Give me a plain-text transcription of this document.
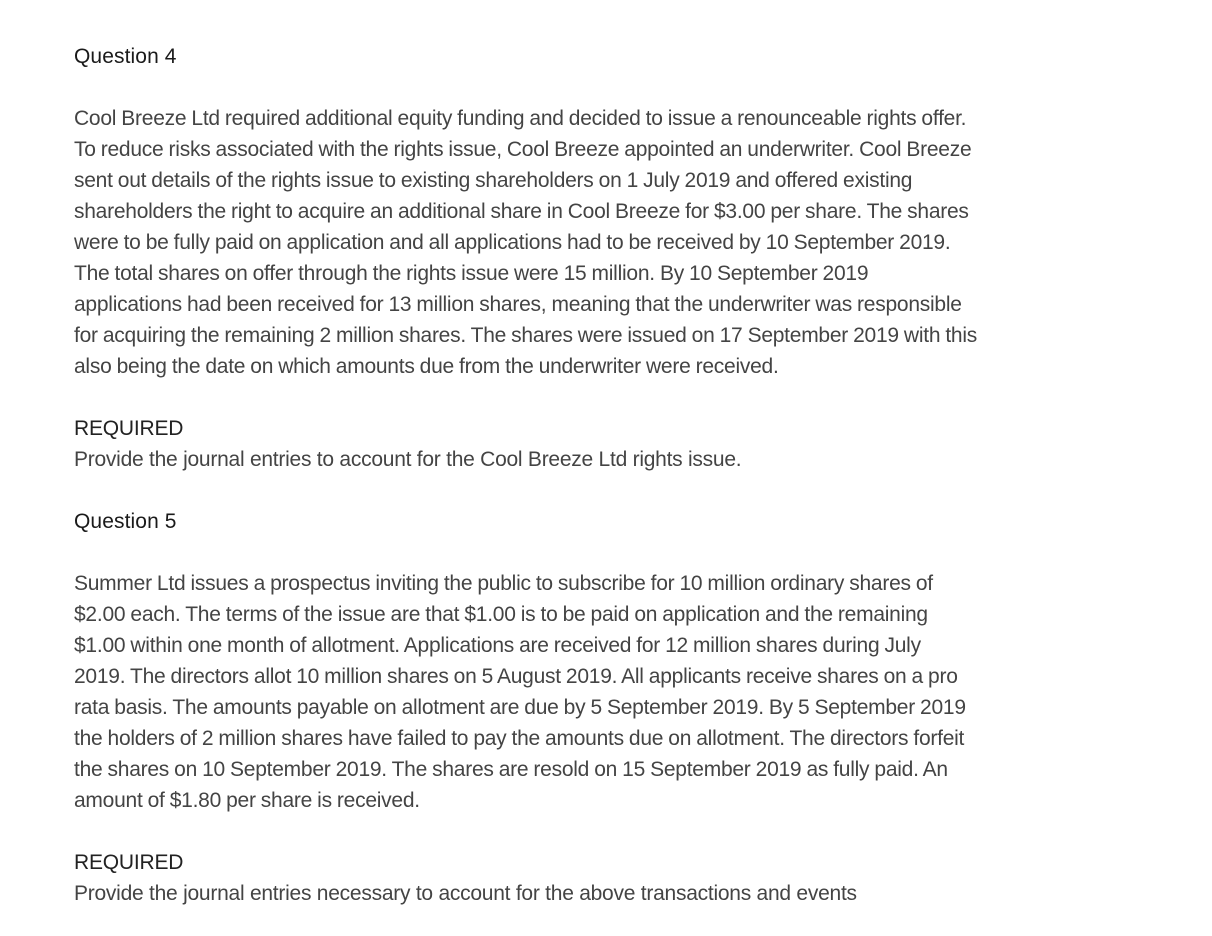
Question 4

Cool Breeze Ltd required additional equity funding and decided to issue a renounceable rights offer.
To reduce risks associated with the rights issue, Cool Breeze appointed an underwriter. Cool Breeze
sent out details of the rights issue to existing shareholders on 1 July 2019 and offered existing
shareholders the right to acquire an additional share in Cool Breeze for $3.00 per share. The shares
were to be fully paid on application and all applications had to be received by 10 September 2019.
The total shares on offer through the rights issue were 15 million. By 10 September 2019
applications had been received for 13 million shares, meaning that the underwriter was responsible
for acquiring the remaining 2 million shares. The shares were issued on 17 September 2019 with this
also being the date on which amounts due from the underwriter were received.

REQUIRED

Provide the journal entries to account for the Cool Breeze Ltd rights issue.

Question 5

Summer Ltd issues a prospectus inviting the public to subscribe for 10 million ordinary shares of
$2.00 each. The terms of the issue are that $1.00 is to be paid on application and the remaining
$1.00 within one month of allotment. Applications are received for 12 million shares during July
2019. The directors allot 10 million shares on 5 August 2019. All applicants receive shares on a pro
rata basis. The amounts payable on allotment are due by 5 September 2019. By 5 September 2019
the holders of 2 million shares have failed to pay the amounts due on allotment. The directors forfeit
the shares on 10 September 2019. The shares are resold on 15 September 2019 as fully paid. An
amount of $1.80 per share is received.

REQUIRED

Provide the journal entries necessary to account for the above transactions and events
